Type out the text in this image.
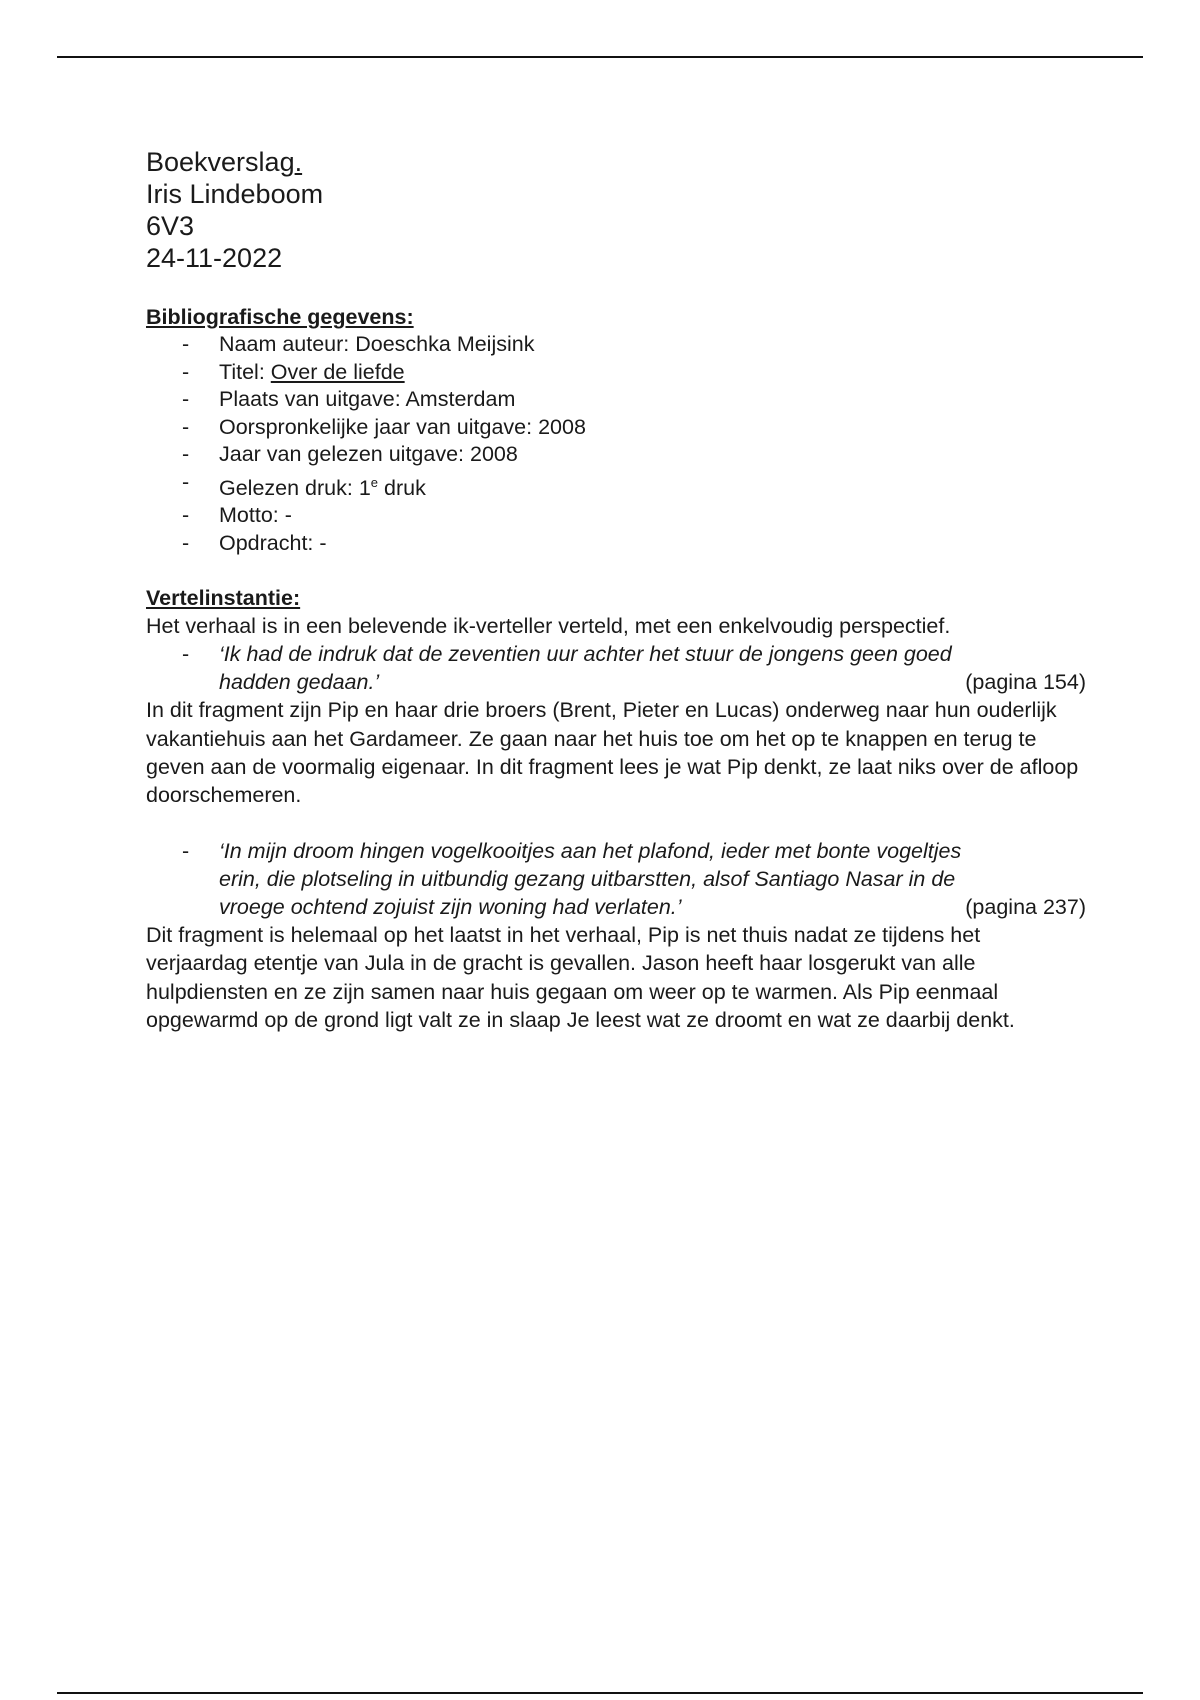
Boekverslag.
Iris Lindeboom
6V3
24-11-2022
Bibliografische gegevens:
- Naam auteur: Doeschka Meijsink
- Titel: Over de liefde
- Plaats van uitgave: Amsterdam
- Oorspronkelijke jaar van uitgave: 2008
- Jaar van gelezen uitgave: 2008
- Gelezen druk: 1e druk
- Motto: -
- Opdracht: -
Vertelinstantie:

Het verhaal is in een belevende ik-verteller verteld, met een enkelvoudig perspectief.

- ‘Ik had de indruk dat de zeventien uur achter het stuur de jongens geen goed
(pagina 154)
hadden gedaan.’

In dit fragment zijn Pip en haar drie broers (Brent, Pieter en Lucas) onderweg naar hun ouderlijk vakantiehuis aan het Gardameer. Ze gaan naar het huis toe om het op te knappen en terug te geven aan de voormalig eigenaar. In dit fragment lees je wat Pip denkt, ze laat niks over de afloop doorschemeren.

- ‘In mijn droom hingen vogelkooitjes aan het plafond, ieder met bonte vogeltjes
erin, die plotseling in uitbundig gezang uitbarstten, alsof Santiago Nasar in de
(pagina 237)
vroege ochtend zojuist zijn woning had verlaten.’

Dit fragment is helemaal op het laatst in het verhaal, Pip is net thuis nadat ze tijdens het verjaardag etentje van Jula in de gracht is gevallen. Jason heeft haar losgerukt van alle hulpdiensten en ze zijn samen naar huis gegaan om weer op te warmen. Als Pip eenmaal opgewarmd op de grond ligt valt ze in slaap Je leest wat ze droomt en wat ze daarbij denkt.
